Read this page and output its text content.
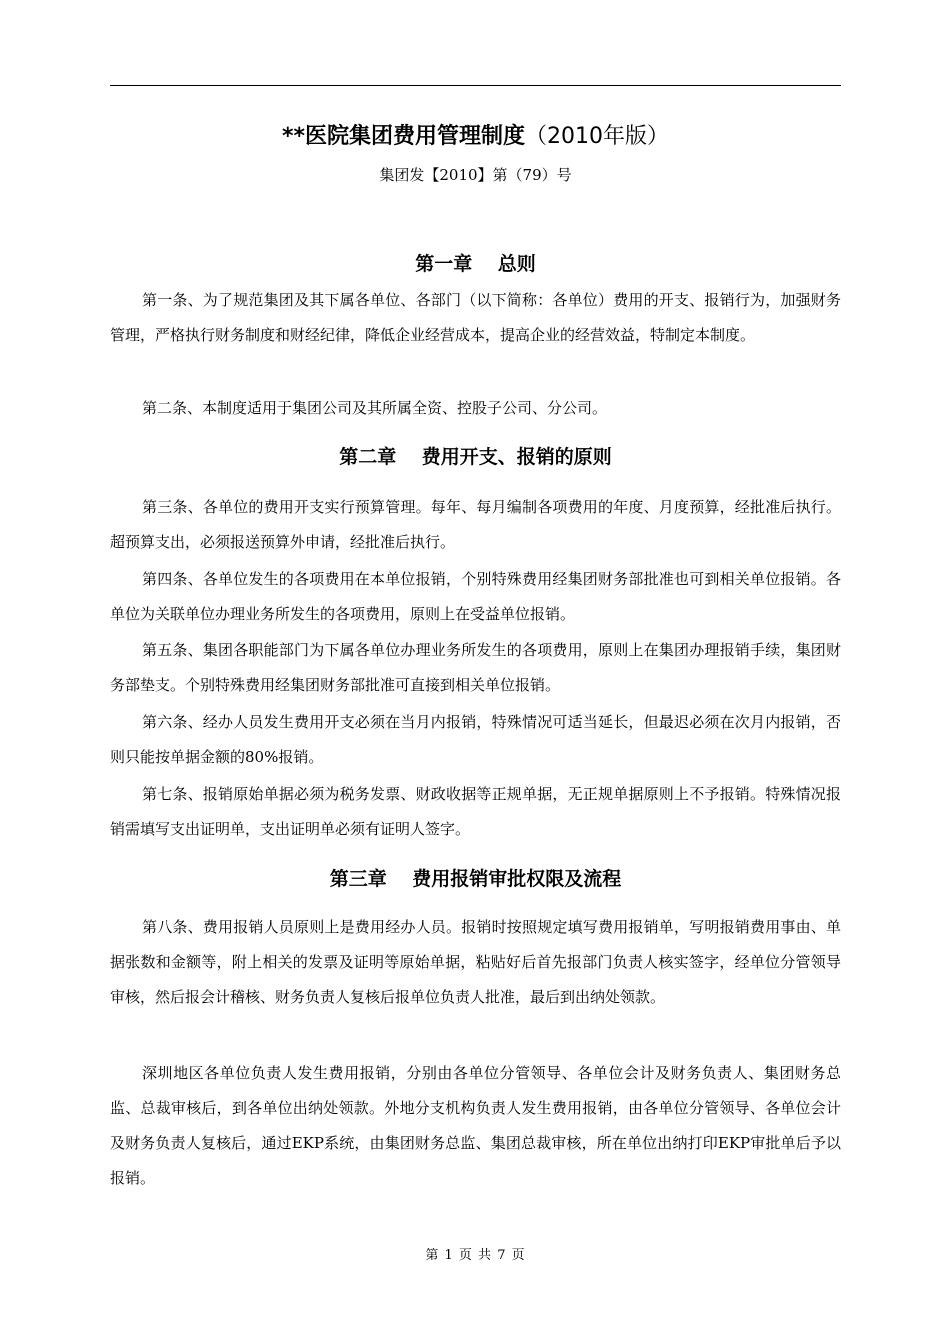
**医院集团费用管理制度（2010年版）
集团发【2010】第（79）号
第一章　 总则

第一条、为了规范集团及其下属各单位、各部门（以下简称：各单位）费用的开支、报销行为，加强财务管理，严格执行财务制度和财经纪律，降低企业经营成本，提高企业的经营效益，特制定本制度。

第二条、本制度适用于集团公司及其所属全资、控股子公司、分公司。

第二章　 费用开支、报销的原则

第三条、各单位的费用开支实行预算管理。每年、每月编制各项费用的年度、月度预算，经批准后执行。超预算支出，必须报送预算外申请，经批准后执行。

第四条、各单位发生的各项费用在本单位报销，个别特殊费用经集团财务部批准也可到相关单位报销。各单位为关联单位办理业务所发生的各项费用，原则上在受益单位报销。

第五条、集团各职能部门为下属各单位办理业务所发生的各项费用，原则上在集团办理报销手续，集团财务部垫支。个别特殊费用经集团财务部批准可直接到相关单位报销。

第六条、经办人员发生费用开支必须在当月内报销，特殊情况可适当延长，但最迟必须在次月内报销，否则只能按单据金额的80%报销。

第七条、报销原始单据必须为税务发票、财政收据等正规单据，无正规单据原则上不予报销。特殊情况报销需填写支出证明单，支出证明单必须有证明人签字。

第三章　 费用报销审批权限及流程

第八条、费用报销人员原则上是费用经办人员。报销时按照规定填写费用报销单，写明报销费用事由、单据张数和金额等，附上相关的发票及证明等原始单据，粘贴好后首先报部门负责人核实签字，经单位分管领导审核，然后报会计稽核、财务负责人复核后报单位负责人批准，最后到出纳处领款。

深圳地区各单位负责人发生费用报销，分别由各单位分管领导、各单位会计及财务负责人、集团财务总监、总裁审核后，到各单位出纳处领款。外地分支机构负责人发生费用报销，由各单位分管领导、各单位会计及财务负责人复核后，通过EKP系统，由集团财务总监、集团总裁审核，所在单位出纳打印EKP审批单后予以报销。

第 1 页 共 7 页
